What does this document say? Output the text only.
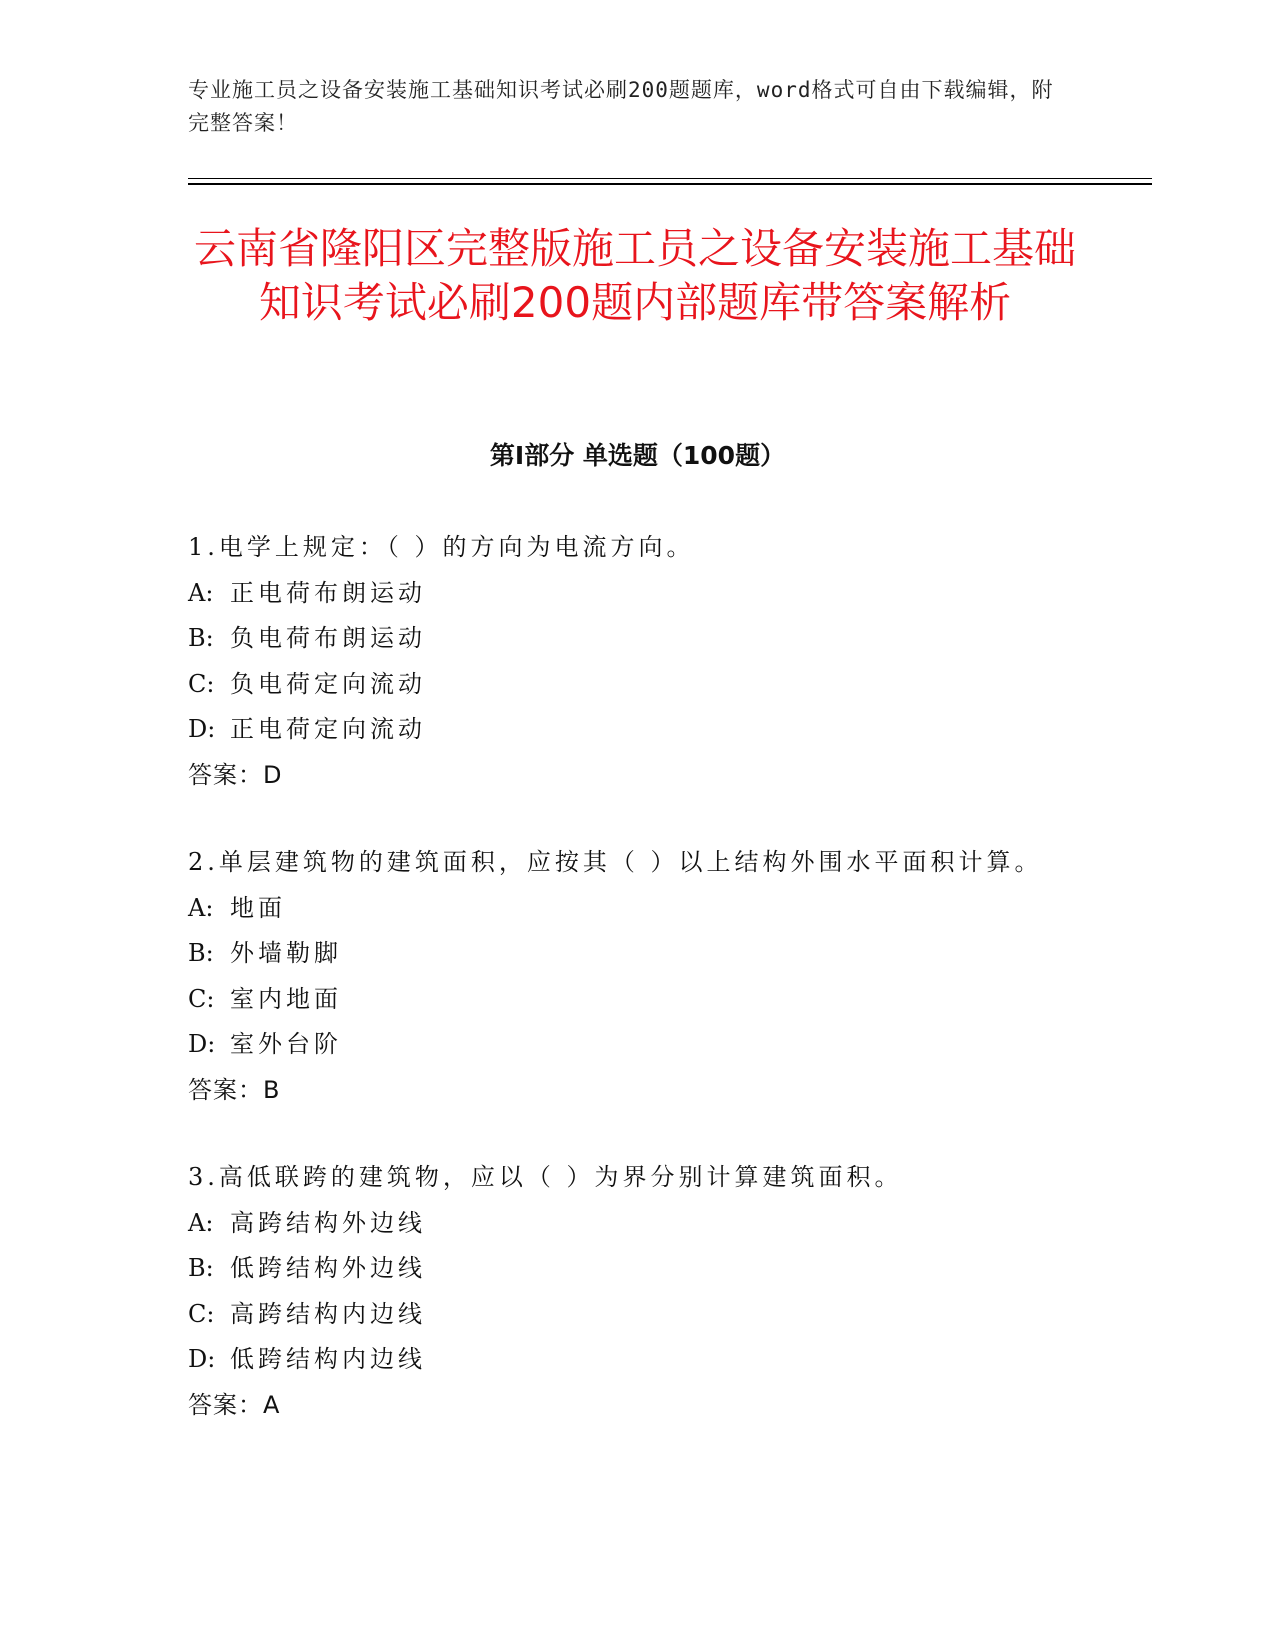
专业施工员之设备安装施工基础知识考试必刷200题题库，word格式可自由下载编辑，附完整答案！
云南省隆阳区完整版施工员之设备安装施工基础知识考试必刷200题内部题库带答案解析
第Ⅰ部分 单选题（100题）
1.电学上规定：（ ）的方向为电流方向。
A: 正电荷布朗运动
B: 负电荷布朗运动
C: 负电荷定向流动
D: 正电荷定向流动
答案：D
2.单层建筑物的建筑面积，应按其（ ）以上结构外围水平面积计算。
A: 地面
B: 外墙勒脚
C: 室内地面
D: 室外台阶
答案：B
3.高低联跨的建筑物，应以（ ）为界分别计算建筑面积。
A: 高跨结构外边线
B: 低跨结构外边线
C: 高跨结构内边线
D: 低跨结构内边线
答案：A
